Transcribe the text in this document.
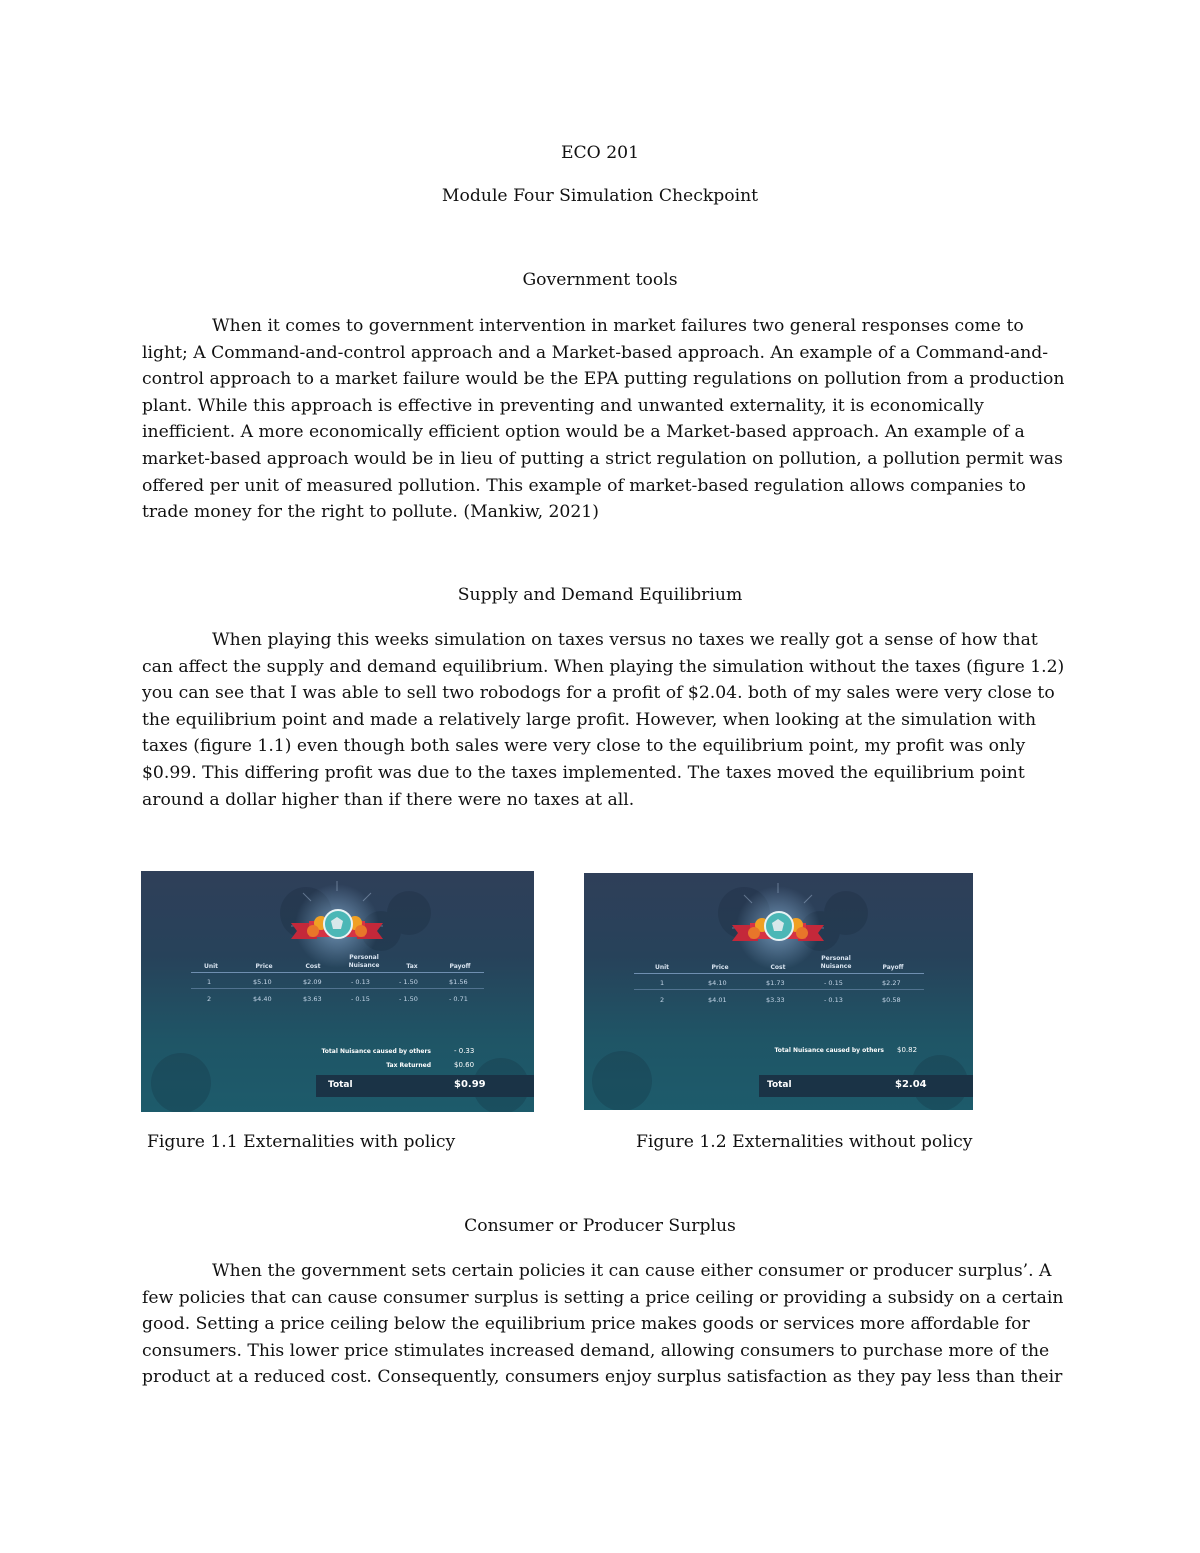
ECO 201
Module Four Simulation Checkpoint
Government tools
When it comes to government intervention in market failures two general responses come to
light; A Command-and-control approach and a Market-based approach. An example of a Command-and-
control approach to a market failure would be the EPA putting regulations on pollution from a production
plant. While this approach is effective in preventing and unwanted externality, it is economically
inefficient. A more economically efficient option would be a Market-based approach. An example of a
market-based approach would be in lieu of putting a strict regulation on pollution, a pollution permit was
offered per unit of measured pollution. This example of market-based regulation allows companies to
trade money for the right to pollute. (Mankiw, 2021)
Supply and Demand Equilibrium
When playing this weeks simulation on taxes versus no taxes we really got a sense of how that
can affect the supply and demand equilibrium. When playing the simulation without the taxes (figure 1.2)
you can see that I was able to sell two robodogs for a profit of $2.04. both of my sales were very close to
the equilibrium point and made a relatively large profit. However, when looking at the simulation with
taxes (figure 1.1) even though both sales were very close to the equilibrium point, my profit was only
$0.99. This differing profit was due to the taxes implemented. The taxes moved the equilibrium point
around a dollar higher than if there were no taxes at all.
Unit	Price	Cost
Personal
Nuisance	Tax	Payoff
1	$5.10	$2.09	- 0.13	- 1.50	$1.56
2	$4.40	$3.63	- 0.15	- 1.50	- 0.71
Total Nuisance caused by others	- 0.33
Tax Returned	$0.60
Total	$0.99
Unit	Price	Cost
Personal
Nuisance	Payoff
1	$4.10	$1.73	- 0.15	$2.27
2	$4.01	$3.33	- 0.13	$0.58
Total Nuisance caused by others $0.82
Total	$2.04
Figure 1.1 Externalities with policy	Figure 1.2 Externalities without policy
Consumer or Producer Surplus
When the government sets certain policies it can cause either consumer or producer surplus’. A
few policies that can cause consumer surplus is setting a price ceiling or providing a subsidy on a certain
good. Setting a price ceiling below the equilibrium price makes goods or services more affordable for
consumers. This lower price stimulates increased demand, allowing consumers to purchase more of the
product at a reduced cost. Consequently, consumers enjoy surplus satisfaction as they pay less than their
